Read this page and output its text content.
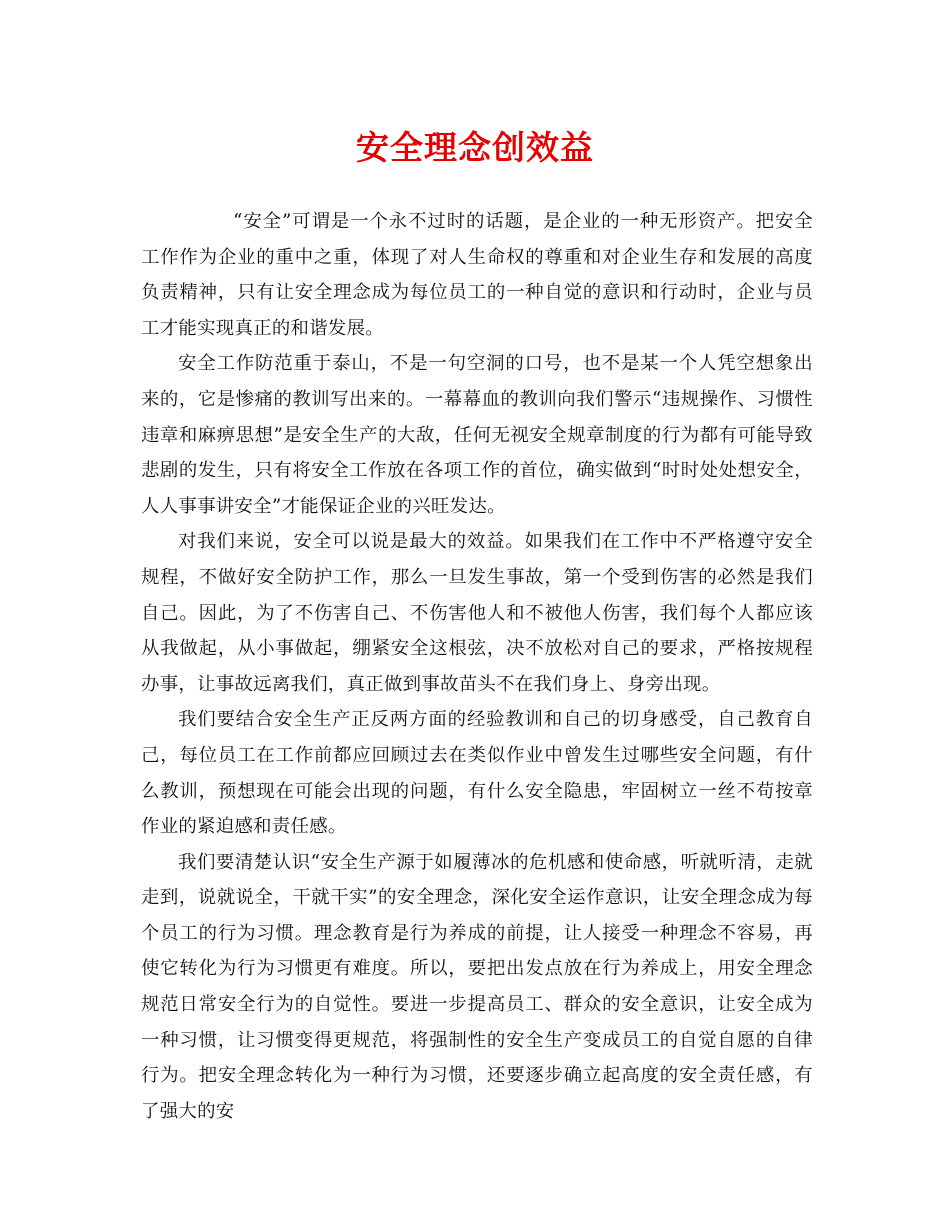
安全理念创效益

“安全”可谓是一个永不过时的话题，是企业的一种无形资产。把安全工作作为企业的重中之重，体现了对人生命权的尊重和对企业生存和发展的高度负责精神，只有让安全理念成为每位员工的一种自觉的意识和行动时，企业与员工才能实现真正的和谐发展。

安全工作防范重于泰山，不是一句空洞的口号，也不是某一个人凭空想象出来的，它是惨痛的教训写出来的。一幕幕血的教训向我们警示“违规操作、习惯性违章和麻痹思想”是安全生产的大敌，任何无视安全规章制度的行为都有可能导致悲剧的发生，只有将安全工作放在各项工作的首位，确实做到“时时处处想安全，人人事事讲安全”才能保证企业的兴旺发达。

对我们来说，安全可以说是最大的效益。如果我们在工作中不严格遵守安全规程，不做好安全防护工作，那么一旦发生事故，第一个受到伤害的必然是我们自己。因此，为了不伤害自己、不伤害他人和不被他人伤害，我们每个人都应该从我做起，从小事做起，绷紧安全这根弦，决不放松对自己的要求，严格按规程办事，让事故远离我们，真正做到事故苗头不在我们身上、身旁出现。

我们要结合安全生产正反两方面的经验教训和自己的切身感受，自己教育自己，每位员工在工作前都应回顾过去在类似作业中曾发生过哪些安全问题，有什么教训，预想现在可能会出现的问题，有什么安全隐患，牢固树立一丝不苟按章作业的紧迫感和责任感。

我们要清楚认识“安全生产源于如履薄冰的危机感和使命感，听就听清，走就走到，说就说全，干就干实”的安全理念，深化安全运作意识，让安全理念成为每个员工的行为习惯。理念教育是行为养成的前提，让人接受一种理念不容易，再使它转化为行为习惯更有难度。所以，要把出发点放在行为养成上，用安全理念规范日常安全行为的自觉性。要进一步提高员工、群众的安全意识，让安全成为一种习惯，让习惯变得更规范，将强制性的安全生产变成员工的自觉自愿的自律行为。把安全理念转化为一种行为习惯，还要逐步确立起高度的安全责任感，有了强大的安
